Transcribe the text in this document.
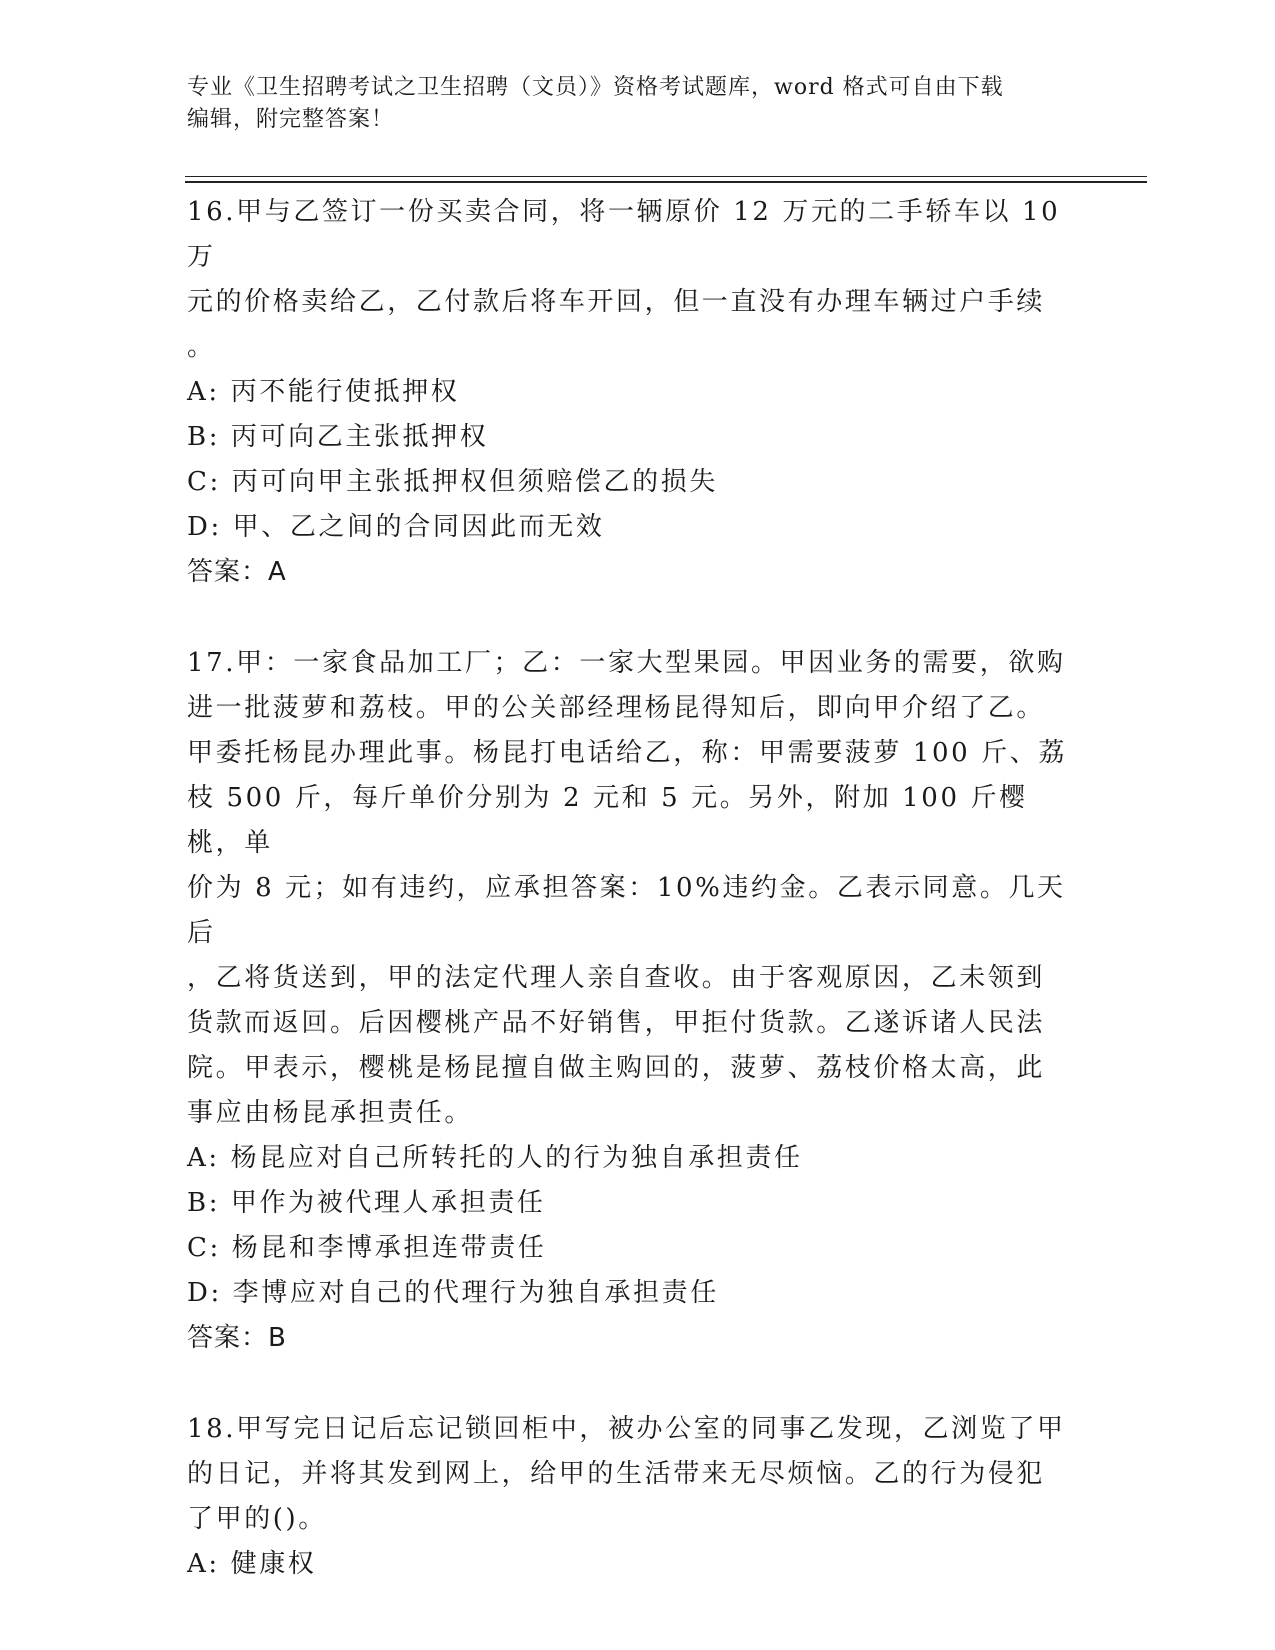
专业《卫生招聘考试之卫生招聘（文员）》资格考试题库，word 格式可自由下载
编辑，附完整答案！

16.甲与乙签订一份买卖合同，将一辆原价 12 万元的二手轿车以 10 万

元的价格卖给乙，乙付款后将车开回，但一直没有办理车辆过户手续

。

A: 丙不能行使抵押权

B: 丙可向乙主张抵押权

C: 丙可向甲主张抵押权但须赔偿乙的损失

D: 甲、乙之间的合同因此而无效

答案：A

17.甲：一家食品加工厂；乙：一家大型果园。甲因业务的需要，欲购

进一批菠萝和荔枝。甲的公关部经理杨昆得知后，即向甲介绍了乙。

甲委托杨昆办理此事。杨昆打电话给乙，称：甲需要菠萝 100 斤、荔

枝 500 斤，每斤单价分别为 2 元和 5 元。另外，附加 100 斤樱桃，单

价为 8 元；如有违约，应承担答案：10%违约金。乙表示同意。几天后

，乙将货送到，甲的法定代理人亲自查收。由于客观原因，乙未领到

货款而返回。后因樱桃产品不好销售，甲拒付货款。乙遂诉诸人民法

院。甲表示，樱桃是杨昆擅自做主购回的，菠萝、荔枝价格太高，此

事应由杨昆承担责任。

A: 杨昆应对自己所转托的人的行为独自承担责任

B: 甲作为被代理人承担责任

C: 杨昆和李博承担连带责任

D: 李博应对自己的代理行为独自承担责任

答案：B

18.甲写完日记后忘记锁回柜中，被办公室的同事乙发现，乙浏览了甲

的日记，并将其发到网上，给甲的生活带来无尽烦恼。乙的行为侵犯

了甲的()。

A: 健康权
